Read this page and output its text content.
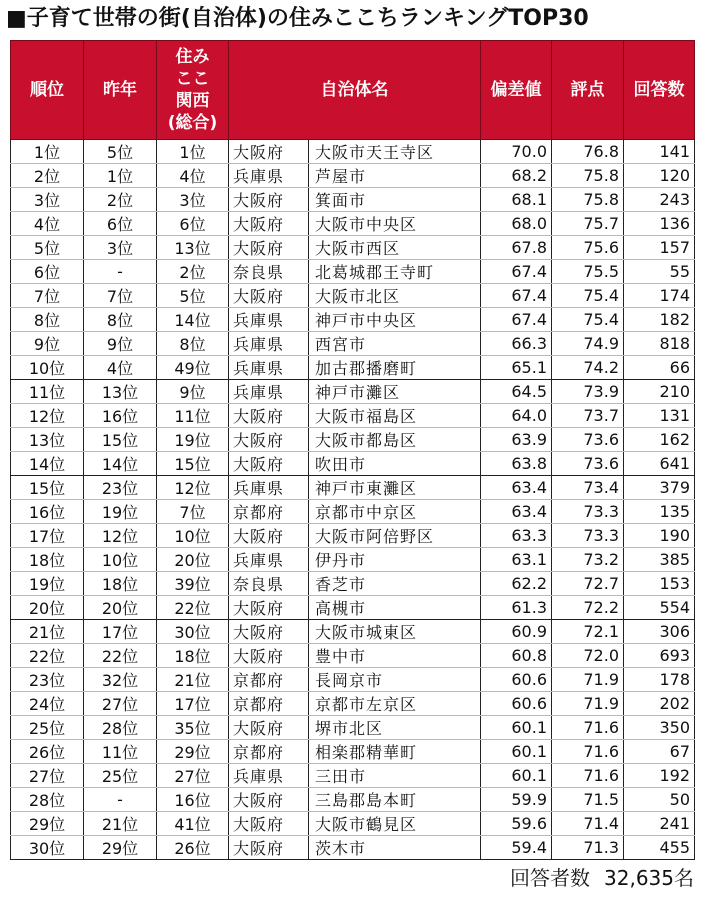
■子育て世帯の街(自治体)の住みここちランキングTOP30
順位	昨年	住み
ここ
関西
(総合)	自治体名		偏差値	評点	回答数
1位	5位	1位	大阪府	大阪市天王寺区	70.0	76.8	141
2位	1位	4位	兵庫県	芦屋市	68.2	75.8	120
3位	2位	3位	大阪府	箕面市	68.1	75.8	243
4位	6位	6位	大阪府	大阪市中央区	68.0	75.7	136
5位	3位	13位	大阪府	大阪市西区	67.8	75.6	157
6位	-	2位	奈良県	北葛城郡王寺町	67.4	75.5	55
7位	7位	5位	大阪府	大阪市北区	67.4	75.4	174
8位	8位	14位	兵庫県	神戸市中央区	67.4	75.4	182
9位	9位	8位	兵庫県	西宮市	66.3	74.9	818
10位	4位	49位	兵庫県	加古郡播磨町	65.1	74.2	66
11位	13位	9位	兵庫県	神戸市灘区	64.5	73.9	210
12位	16位	11位	大阪府	大阪市福島区	64.0	73.7	131
13位	15位	19位	大阪府	大阪市都島区	63.9	73.6	162
14位	14位	15位	大阪府	吹田市	63.8	73.6	641
15位	23位	12位	兵庫県	神戸市東灘区	63.4	73.4	379
16位	19位	7位	京都府	京都市中京区	63.4	73.3	135
17位	12位	10位	大阪府	大阪市阿倍野区	63.3	73.3	190
18位	10位	20位	兵庫県	伊丹市	63.1	73.2	385
19位	18位	39位	奈良県	香芝市	62.2	72.7	153
20位	20位	22位	大阪府	高槻市	61.3	72.2	554
21位	17位	30位	大阪府	大阪市城東区	60.9	72.1	306
22位	22位	18位	大阪府	豊中市	60.8	72.0	693
23位	32位	21位	京都府	長岡京市	60.6	71.9	178
24位	27位	17位	京都府	京都市左京区	60.6	71.9	202
25位	28位	35位	大阪府	堺市北区	60.1	71.6	350
26位	11位	29位	京都府	相楽郡精華町	60.1	71.6	67
27位	25位	27位	兵庫県	三田市	60.1	71.6	192
28位	-	16位	大阪府	三島郡島本町	59.9	71.5	50
29位	21位	41位	大阪府	大阪市鶴見区	59.6	71.4	241
30位	29位	26位	大阪府	茨木市	59.4	71.3	455
回答者数 32,635名
